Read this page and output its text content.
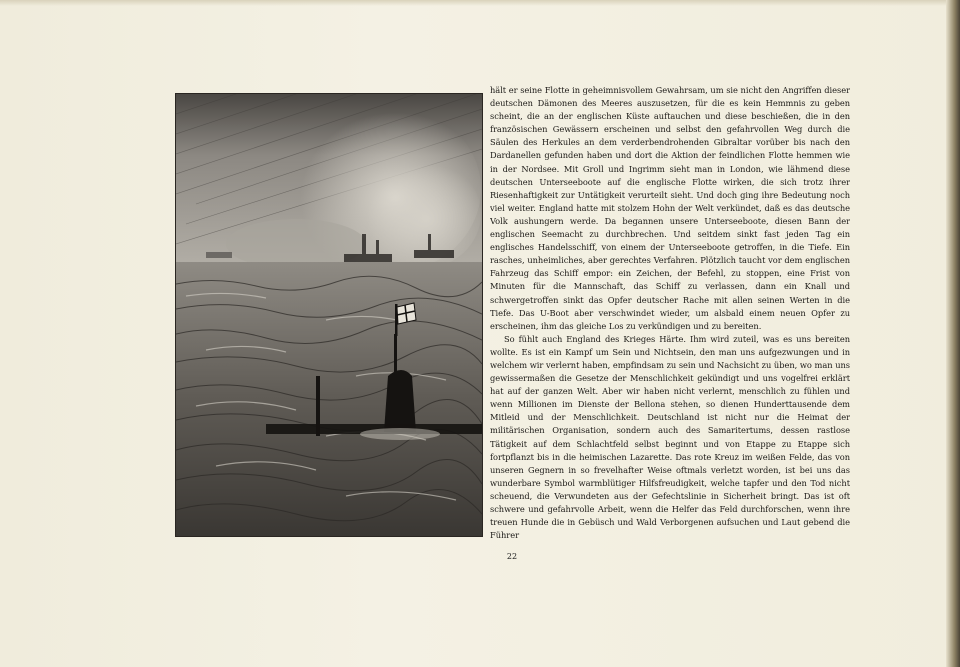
hält er seine Flotte in geheimnisvollem Gewahrsam, um sie nicht den Angriffen dieser deutschen Dämonen des Meeres auszusetzen, für die es kein Hemmnis zu geben scheint, die an der englischen Küste auftauchen und diese beschießen, die in den französischen Gewässern erscheinen und selbst den gefahrvollen Weg durch die Säulen des Herkules an dem verderbendrohenden Gibraltar vorüber bis nach den Dardanellen gefunden haben und dort die Aktion der feindlichen Flotte hemmen wie in der Nordsee. Mit Groll und Ingrimm sieht man in London, wie lähmend diese deutschen Unterseeboote auf die englische Flotte wirken, die sich trotz ihrer Riesenhaftigkeit zur Untätigkeit verurteilt sieht. Und doch ging ihre Bedeutung noch viel weiter. England hatte mit stolzem Hohn der Welt verkündet, daß es das deutsche Volk aushungern werde. Da begannen unsere Unterseeboote, diesen Bann der englischen Seemacht zu durchbrechen. Und seitdem sinkt fast jeden Tag ein englisches Handelsschiff, von einem der Unterseeboote getroffen, in die Tiefe. Ein rasches, unheimliches, aber gerechtes Verfahren. Plötzlich taucht vor dem englischen Fahrzeug das Schiff empor: ein Zeichen, der Befehl, zu stoppen, eine Frist von Minuten für die Mannschaft, das Schiff zu verlassen, dann ein Knall und schwergetroffen sinkt das Opfer deutscher Rache mit allen seinen Werten in die Tiefe. Das U-Boot aber verschwindet wieder, um alsbald einem neuen Opfer zu erscheinen, ihm das gleiche Los zu verkündigen und zu bereiten.

So fühlt auch England des Krieges Härte. Ihm wird zuteil, was es uns bereiten wollte. Es ist ein Kampf um Sein und Nichtsein, den man uns aufgezwungen und in welchem wir verlernt haben, empfindsam zu sein und Nachsicht zu üben, wo man uns gewissermaßen die Gesetze der Menschlichkeit gekündigt und uns vogelfrei erklärt hat auf der ganzen Welt. Aber wir haben nicht verlernt, menschlich zu fühlen und wenn Millionen im Dienste der Bellona stehen, so dienen Hunderttausende dem Mitleid und der Menschlichkeit. Deutschland ist nicht nur die Heimat der militärischen Organisation, sondern auch des Samaritertums, dessen rastlose Tätigkeit auf dem Schlachtfeld selbst beginnt und von Etappe zu Etappe sich fortpflanzt bis in die heimischen Lazarette. Das rote Kreuz im weißen Felde, das von unseren Gegnern in so frevelhafter Weise oftmals verletzt worden, ist bei uns das wunderbare Symbol warmblütiger Hilfsfreudigkeit, welche tapfer und den Tod nicht scheuend, die Verwundeten aus der Gefechtslinie in Sicherheit bringt. Das ist oft schwere und gefahrvolle Arbeit, wenn die Helfer das Feld durchforschen, wenn ihre treuen Hunde die in Gebüsch und Wald Verborgenen aufsuchen und Laut gebend die Führer

22
